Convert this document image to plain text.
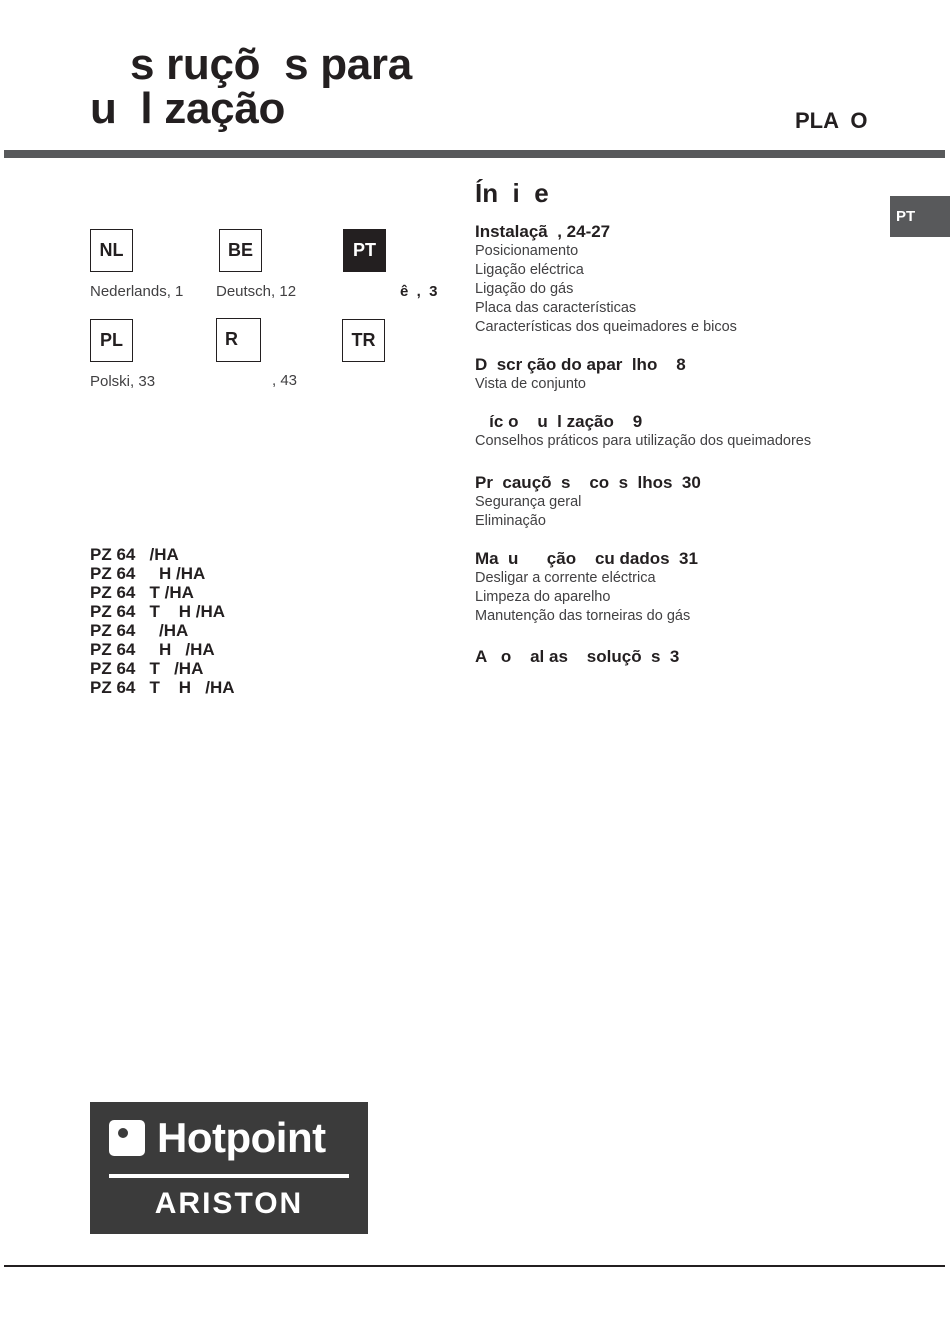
s ruçõ  s para
u  l zação	PLA  O
PT
NL	BE	PT
Nederlands, 1 Deutsch, 12	ê  ,  3
PL	R	TR
Polski, 33	, 43
PZ 64   /HA
PZ 64     H /HA
PZ 64   T /HA
PZ 64   T    H /HA
PZ 64     /HA
PZ 64     H   /HA
PZ 64   T   /HA
PZ 64   T    H   /HA
Ín  i  e
Instalaçã  , 24-27
Posicionamento
Ligação eléctrica
Ligação do gás
Placa das características
Características dos queimadores e bicos
D  scr ção do apar  lho    8
Vista de conjunto
íc o    u  l zação    9
Conselhos práticos para utilização dos queimadores
Pr  cauçõ  s    co  s  lhos  30
Segurança geral
Eliminação
Ma  u      ção    cu dados  31
Desligar a corrente eléctrica
Limpeza do aparelho
Manutenção das torneiras do gás
A   o    al as    soluçõ  s  3
Hotpoint
ARISTON
